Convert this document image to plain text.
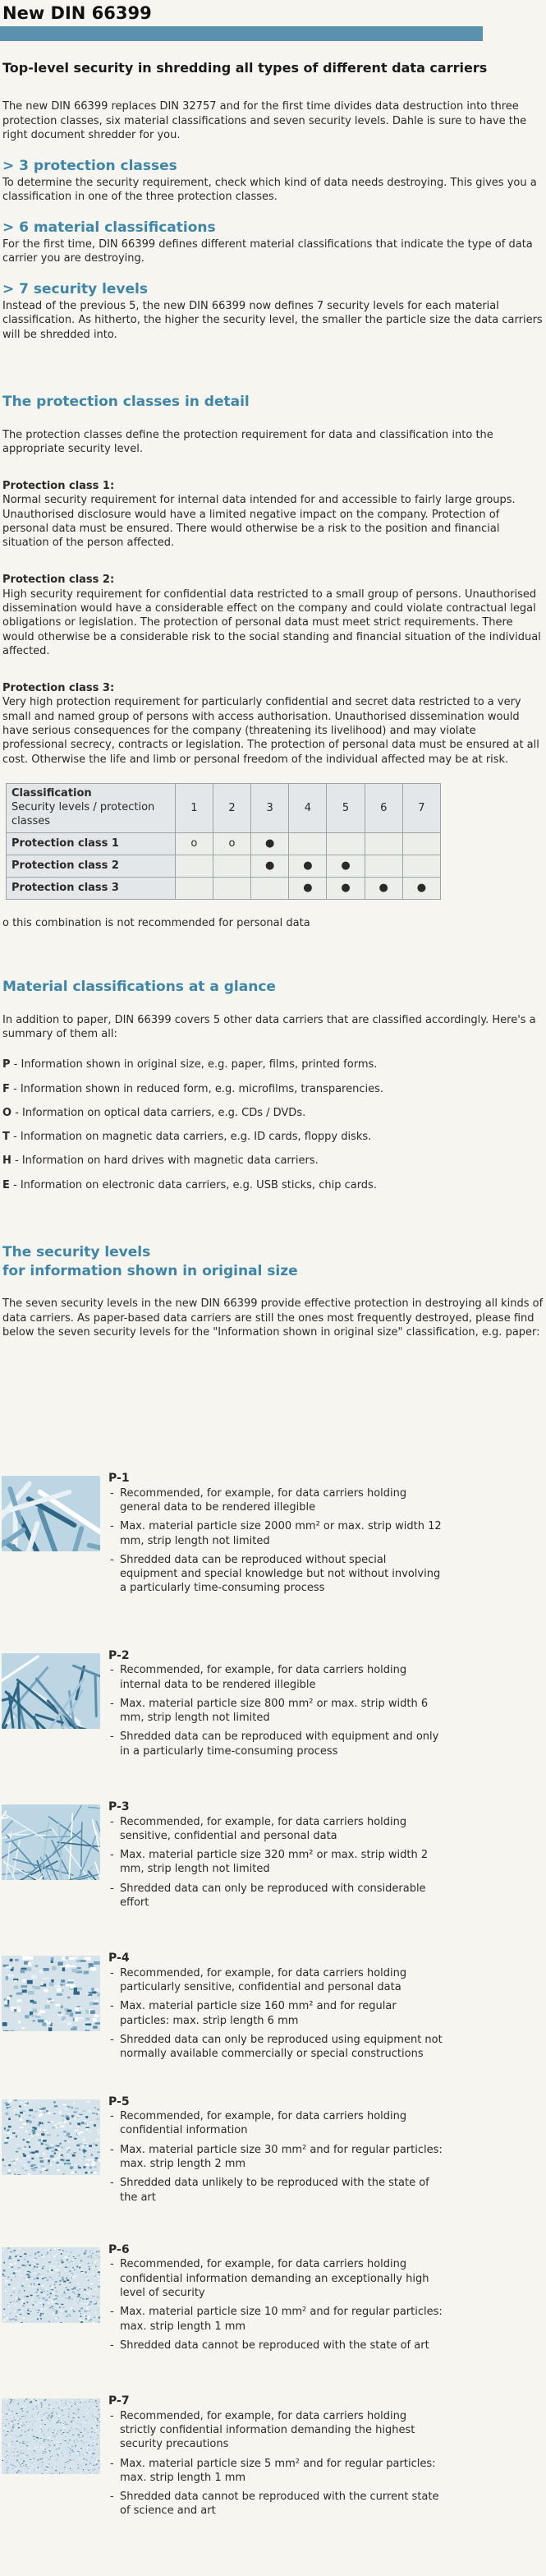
New DIN 66399
Top-level security in shredding all types of different data carriers

The new DIN 66399 replaces DIN 32757 and for the first time divides data destruction into three protection classes, six material classifications and seven security levels. Dahle is sure to have the right document shredder for you.

> 3 protection classes

To determine the security requirement, check which kind of data needs destroying. This gives you a classification in one of the three protection classes.

> 6 material classifications

For the first time, DIN 66399 defines different material classifications that indicate the type of data carrier you are destroying.

> 7 security levels

Instead of the previous 5, the new DIN 66399 now defines 7 security levels for each material classification. As hitherto, the higher the security level, the smaller the particle size the data carriers will be shredded into.

The protection classes in detail

The protection classes define the protection requirement for data and classification into the appropriate security level.

Protection class 1:

Normal security requirement for internal data intended for and accessible to fairly large groups. Unauthorised disclosure would have a limited negative impact on the company. Protection of personal data must be ensured. There would otherwise be a risk to the position and financial situation of the person affected.

Protection class 2:

High security requirement for confidential data restricted to a small group of persons. Unauthorised dissemination would have a considerable effect on the company and could violate contractual legal obligations or legislation. The protection of personal data must meet strict requirements. There would otherwise be a considerable risk to the social standing and financial situation of the individual affected.

Protection class 3:

Very high protection requirement for particularly confidential and secret data restricted to a very small and named group of persons with access authorisation. Unauthorised dissemination would have serious consequences for the company (threatening its livelihood) and may violate professional secrecy, contracts or legislation. The protection of personal data must be ensured at all cost. Otherwise the life and limb or personal freedom of the individual affected may be at risk.

Classification
Security levels / protection classes	1	2	3	4	5	6	7
Protection class 1	o	o	●				
Protection class 2			●	●	●		
Protection class 3				●	●	●	●

o this combination is not recommended for personal data

Material classifications at a glance

In addition to paper, DIN 66399 covers 5 other data carriers that are classified accordingly. Here's a summary of them all:

P - Information shown in original size, e.g. paper, films, printed forms.

F - Information shown in reduced form, e.g. microfilms, transparencies.

O - Information on optical data carriers, e.g. CDs / DVDs.

T - Information on magnetic data carriers, e.g. ID cards, floppy disks.

H - Information on hard drives with magnetic data carriers.

E - Information on electronic data carriers, e.g. USB sticks, chip cards.

The security levels
for information shown in original size

The seven security levels in the new DIN 66399 provide effective protection in destroying all kinds of data carriers. As paper-based data carriers are still the ones most frequently destroyed, please find below the seven security levels for the "Information shown in original size" classification, e.g. paper:

P-1
- Recommended, for example, for data carriers holding general data to be rendered illegible
- Max. material particle size 2000 mm² or max. strip width 12 mm, strip length not limited
- Shredded data can be reproduced without special equipment and special knowledge but not without involving a particularly time-consuming process
P-2
- Recommended, for example, for data carriers holding internal data to be rendered illegible
- Max. material particle size 800 mm² or max. strip width 6 mm, strip length not limited
- Shredded data can be reproduced with equipment and only in a particularly time-consuming process
P-3
- Recommended, for example, for data carriers holding sensitive, confidential and personal data
- Max. material particle size 320 mm² or max. strip width 2 mm, strip length not limited
- Shredded data can only be reproduced with considerable effort
P-4
- Recommended, for example, for data carriers holding particularly sensitive, confidential and personal data
- Max. material particle size 160 mm² and for regular particles: max. strip length 6 mm
- Shredded data can only be reproduced using equipment not normally available commercially or special constructions
P-5
- Recommended, for example, for data carriers holding confidential information
- Max. material particle size 30 mm² and for regular particles: max. strip length 2 mm
- Shredded data unlikely to be reproduced with the state of the art
P-6
- Recommended, for example, for data carriers holding confidential information demanding an exceptionally high level of security
- Max. material particle size 10 mm² and for regular particles: max. strip length 1 mm
- Shredded data cannot be reproduced with the state of art
P-7
- Recommended, for example, for data carriers holding strictly confidential information demanding the highest security precautions
- Max. material particle size 5 mm² and for regular particles: max. strip length 1 mm
- Shredded data cannot be reproduced with the current state of science and art
